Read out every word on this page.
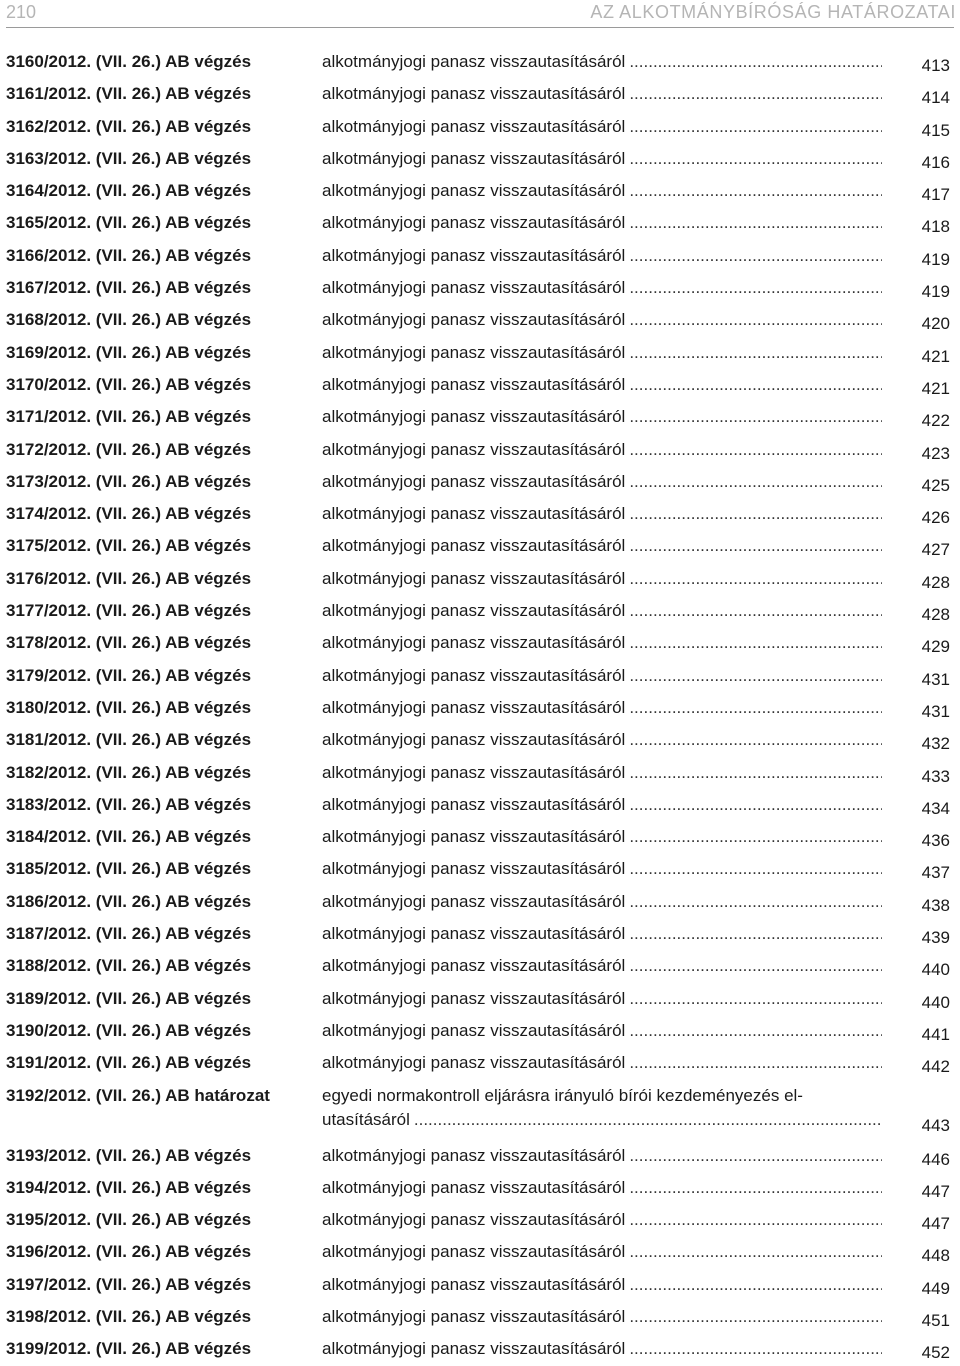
210	AZ ALKOTMÁNYBÍRÓSÁG HATÁROZATAI
3160/2012. (VII. 26.) AB végzés	alkotmányjogi panasz visszautasításáról .....	413
3161/2012. (VII. 26.) AB végzés	alkotmányjogi panasz visszautasításáról .....	414
3162/2012. (VII. 26.) AB végzés	alkotmányjogi panasz visszautasításáról .....	415
3163/2012. (VII. 26.) AB végzés	alkotmányjogi panasz visszautasításáról .....	416
3164/2012. (VII. 26.) AB végzés	alkotmányjogi panasz visszautasításáról .....	417
3165/2012. (VII. 26.) AB végzés	alkotmányjogi panasz visszautasításáról .....	418
3166/2012. (VII. 26.) AB végzés	alkotmányjogi panasz visszautasításáról .....	419
3167/2012. (VII. 26.) AB végzés	alkotmányjogi panasz visszautasításáról .....	419
3168/2012. (VII. 26.) AB végzés	alkotmányjogi panasz visszautasításáról .....	420
3169/2012. (VII. 26.) AB végzés	alkotmányjogi panasz visszautasításáról .....	421
3170/2012. (VII. 26.) AB végzés	alkotmányjogi panasz visszautasításáról .....	421
3171/2012. (VII. 26.) AB végzés	alkotmányjogi panasz visszautasításáról .....	422
3172/2012. (VII. 26.) AB végzés	alkotmányjogi panasz visszautasításáról .....	423
3173/2012. (VII. 26.) AB végzés	alkotmányjogi panasz visszautasításáról .....	425
3174/2012. (VII. 26.) AB végzés	alkotmányjogi panasz visszautasításáról .....	426
3175/2012. (VII. 26.) AB végzés	alkotmányjogi panasz visszautasításáról .....	427
3176/2012. (VII. 26.) AB végzés	alkotmányjogi panasz visszautasításáról .....	428
3177/2012. (VII. 26.) AB végzés	alkotmányjogi panasz visszautasításáról .....	428
3178/2012. (VII. 26.) AB végzés	alkotmányjogi panasz visszautasításáról .....	429
3179/2012. (VII. 26.) AB végzés	alkotmányjogi panasz visszautasításáról .....	431
3180/2012. (VII. 26.) AB végzés	alkotmányjogi panasz visszautasításáról .....	431
3181/2012. (VII. 26.) AB végzés	alkotmányjogi panasz visszautasításáról .....	432
3182/2012. (VII. 26.) AB végzés	alkotmányjogi panasz visszautasításáról .....	433
3183/2012. (VII. 26.) AB végzés	alkotmányjogi panasz visszautasításáról .....	434
3184/2012. (VII. 26.) AB végzés	alkotmányjogi panasz visszautasításáról .....	436
3185/2012. (VII. 26.) AB végzés	alkotmányjogi panasz visszautasításáról .....	437
3186/2012. (VII. 26.) AB végzés	alkotmányjogi panasz visszautasításáról .....	438
3187/2012. (VII. 26.) AB végzés	alkotmányjogi panasz visszautasításáról .....	439
3188/2012. (VII. 26.) AB végzés	alkotmányjogi panasz visszautasításáról .....	440
3189/2012. (VII. 26.) AB végzés	alkotmányjogi panasz visszautasításáról .....	440
3190/2012. (VII. 26.) AB végzés	alkotmányjogi panasz visszautasításáról .....	441
3191/2012. (VII. 26.) AB végzés	alkotmányjogi panasz visszautasításáról .....	442
3192/2012. (VII. 26.) AB határozat	egyedi normakontroll eljárásra irányuló bírói kezdeményezés el-
utasításáról .....	443
3193/2012. (VII. 26.) AB végzés	alkotmányjogi panasz visszautasításáról .....	446
3194/2012. (VII. 26.) AB végzés	alkotmányjogi panasz visszautasításáról .....	447
3195/2012. (VII. 26.) AB végzés	alkotmányjogi panasz visszautasításáról .....	447
3196/2012. (VII. 26.) AB végzés	alkotmányjogi panasz visszautasításáról .....	448
3197/2012. (VII. 26.) AB végzés	alkotmányjogi panasz visszautasításáról .....	449
3198/2012. (VII. 26.) AB végzés	alkotmányjogi panasz visszautasításáról .....	451
3199/2012. (VII. 26.) AB végzés	alkotmányjogi panasz visszautasításáról .....	452
